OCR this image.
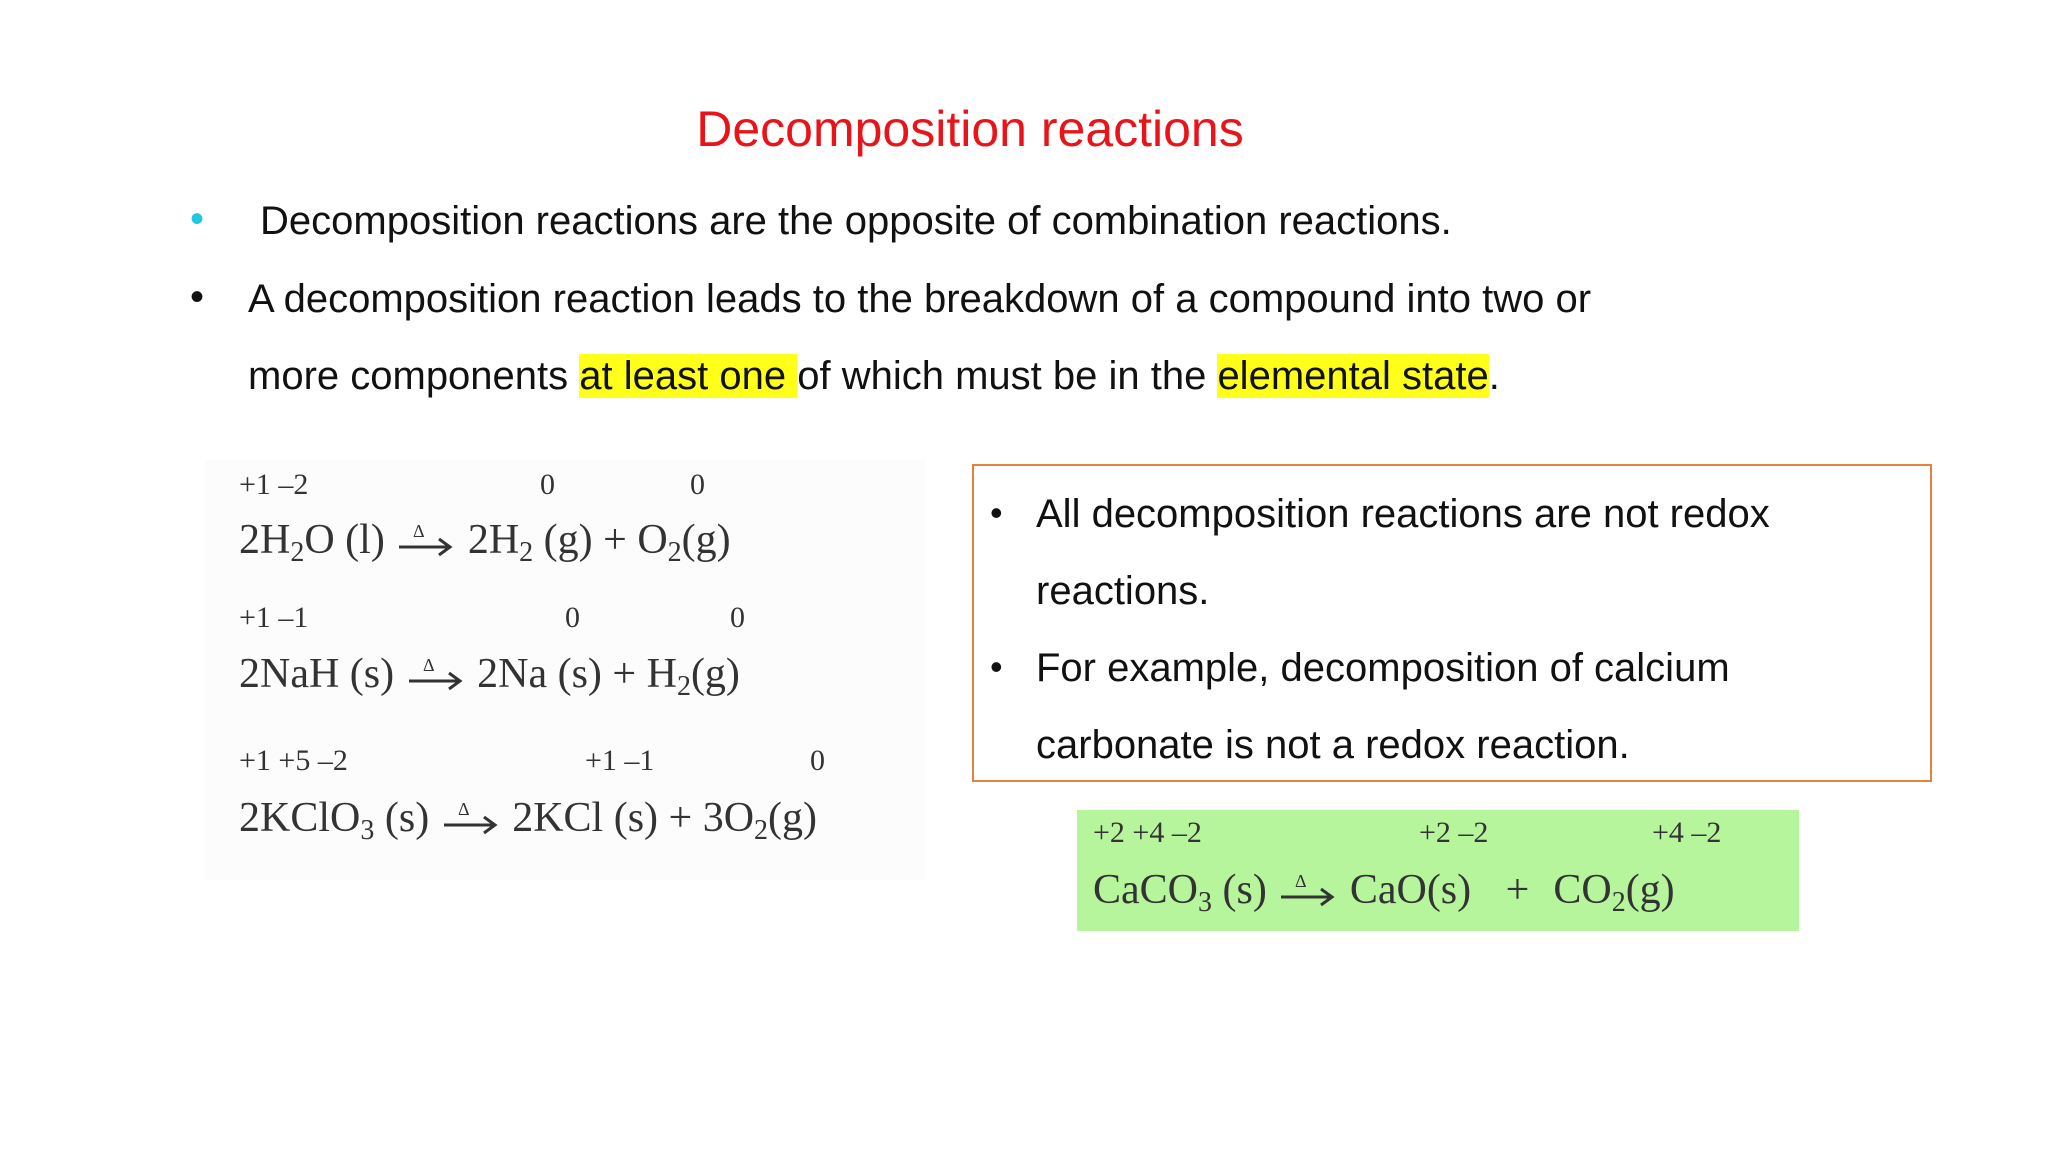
Decomposition reactions
• Decomposition reactions are the opposite of combination reactions.
• A decomposition reaction leads to the breakdown of a compound into two or
more components at least one of which must be in the elemental state.
+1 –2	0	0
$2H_2O$ (l) Δ $2H_2$ $(g) + O_2(g)$
+1 –1	0	0
2NaH (s) Δ 2Na $(s) + H_2(g)$
+1 +5 –2	+1 –1	0
2KClO$_3$ (s) Δ 2KCl $(s) + 3O_2(g)$
• All decomposition reactions are not redox
reactions.
• For example, decomposition of calcium
carbonate is not a redox reaction.
+2 +4 –2	+2 –2	+4 –2
CaCO$_3$ (s) Δ $CaO(s) + CO_2(g)$
